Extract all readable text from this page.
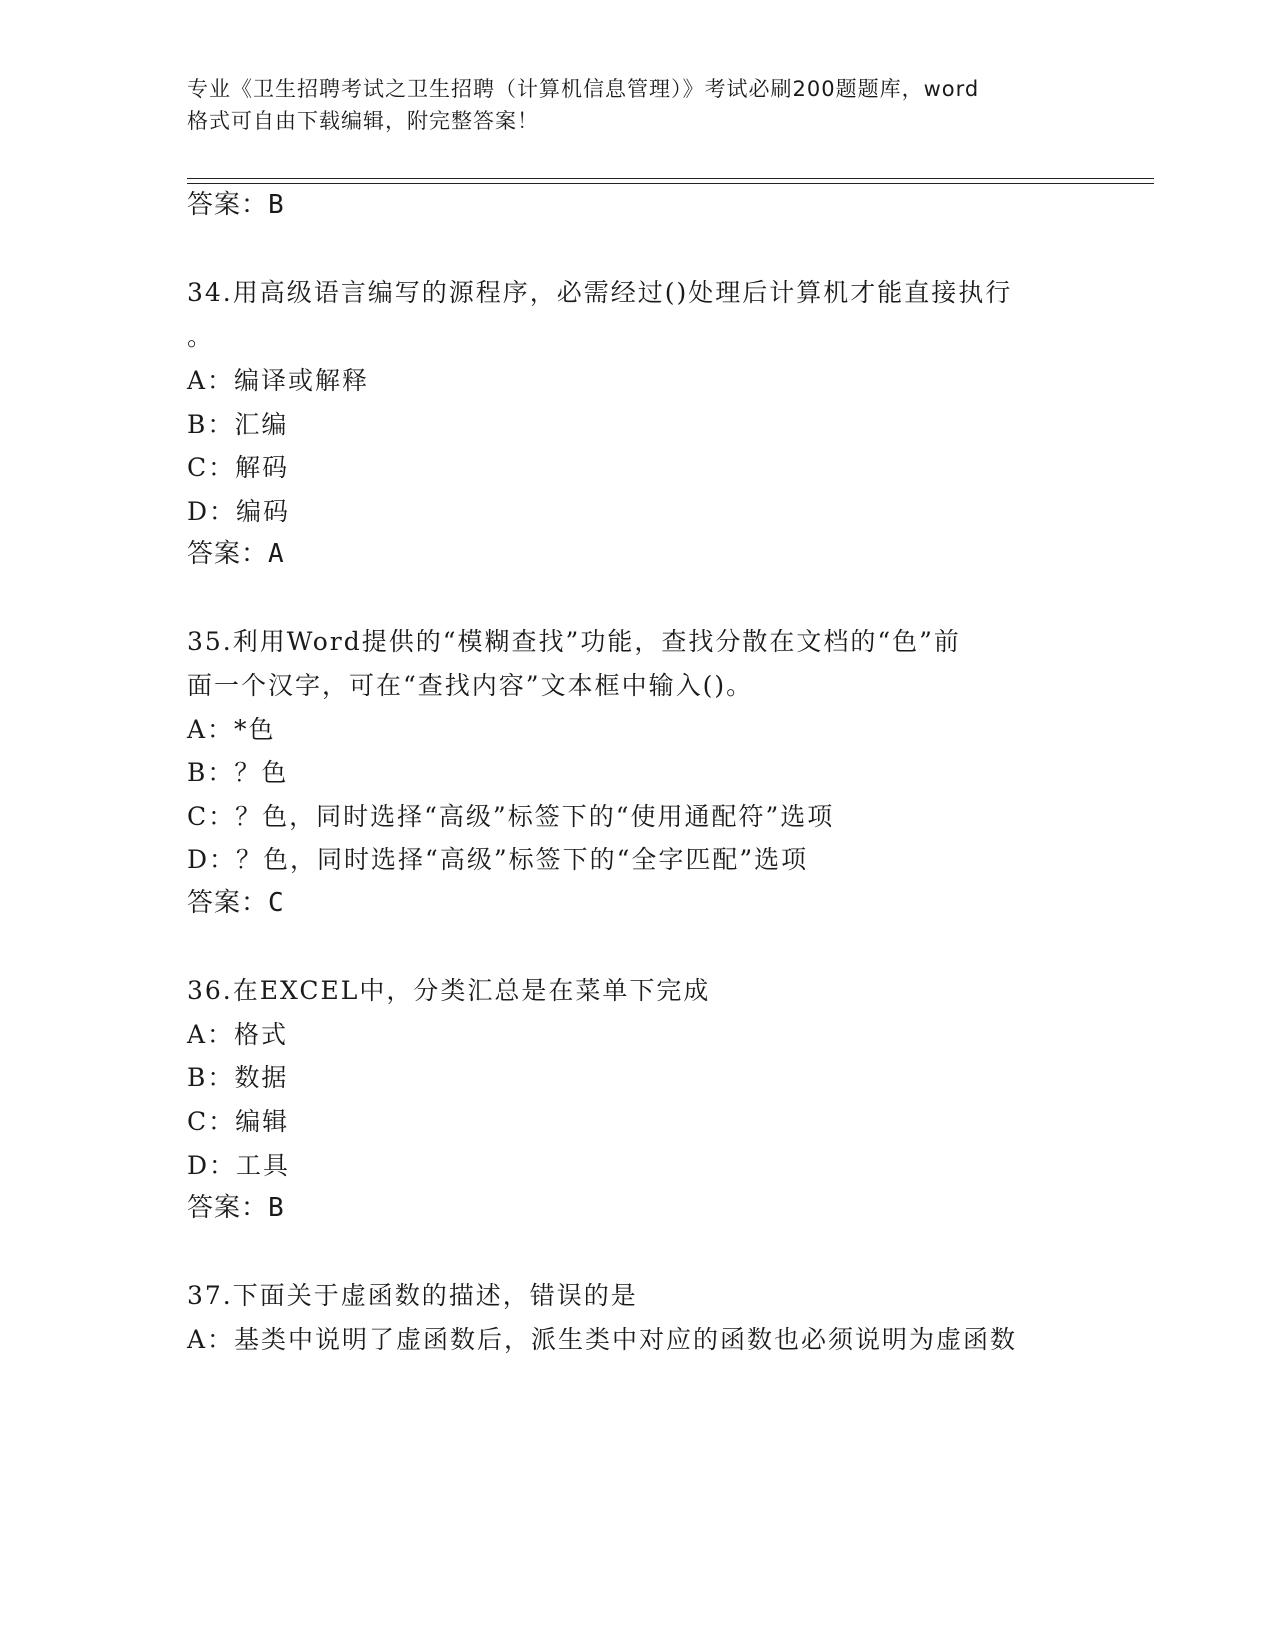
专业《卫生招聘考试之卫生招聘（计算机信息管理）》考试必刷200题题库，word
格式可自由下载编辑，附完整答案！
答案：B
34.用高级语言编写的源程序，必需经过()处理后计算机才能直接执行
。
A：编译或解释
B：汇编
C：解码
D：编码
答案：A
35.利用Word提供的“模糊查找”功能，查找分散在文档的“色”前
面一个汉字，可在“查找内容”文本框中输入()。
A：*色
B：？色
C：？色，同时选择“高级”标签下的“使用通配符”选项
D：？色，同时选择“高级”标签下的“全字匹配”选项
答案：C
36.在EXCEL中，分类汇总是在菜单下完成
A：格式
B：数据
C：编辑
D：工具
答案：B
37.下面关于虚函数的描述，错误的是
A：基类中说明了虚函数后，派生类中对应的函数也必须说明为虚函数
